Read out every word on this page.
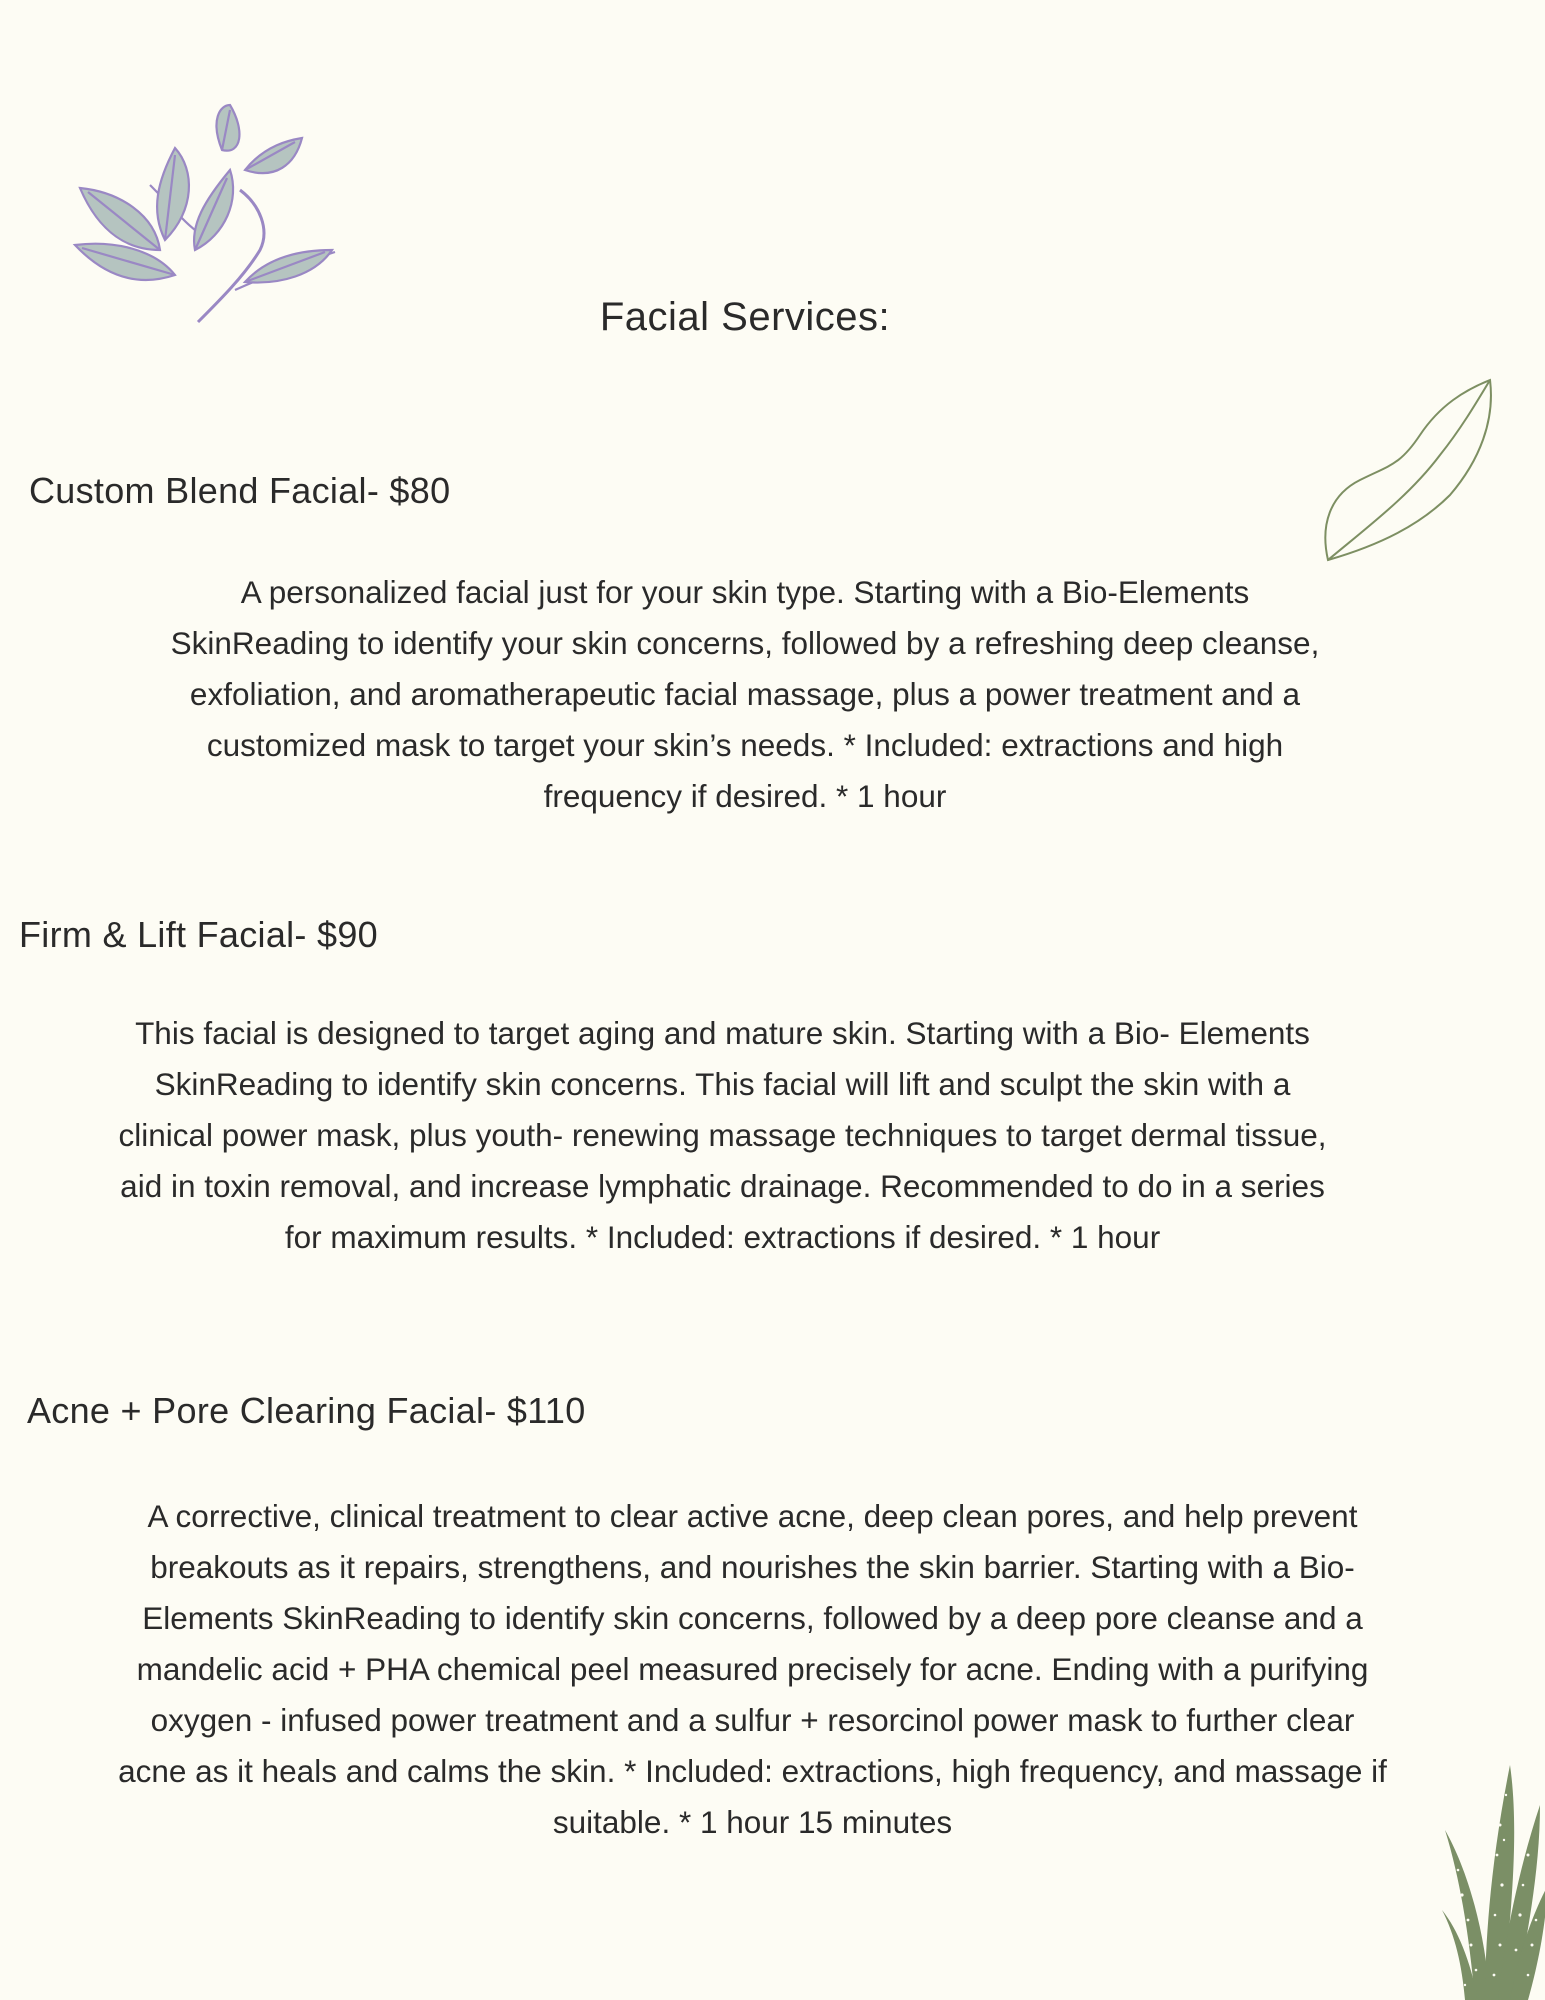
Facial Services:
Custom Blend Facial- $80
A personalized facial just for your skin type. Starting with a Bio-Elements
SkinReading to identify your skin concerns, followed by a refreshing deep cleanse,
exfoliation, and aromatherapeutic facial massage, plus a power treatment and a
customized mask to target your skin’s needs. * Included: extractions and high
frequency if desired. * 1 hour
Firm & Lift Facial- $90
This facial is designed to target aging and mature skin. Starting with a Bio- Elements
SkinReading to identify skin concerns. This facial will lift and sculpt the skin with a
clinical power mask, plus youth- renewing massage techniques to target dermal tissue,
aid in toxin removal, and increase lymphatic drainage. Recommended to do in a series
for maximum results. * Included: extractions if desired. * 1 hour
Acne + Pore Clearing Facial- $110
A corrective, clinical treatment to clear active acne, deep clean pores, and help prevent
breakouts as it repairs, strengthens, and nourishes the skin barrier. Starting with a Bio-
Elements SkinReading to identify skin concerns, followed by a deep pore cleanse and a
mandelic acid + PHA chemical peel measured precisely for acne. Ending with a purifying
oxygen - infused power treatment and a sulfur + resorcinol power mask to further clear
acne as it heals and calms the skin. * Included: extractions, high frequency, and massage if
suitable. * 1 hour 15 minutes
